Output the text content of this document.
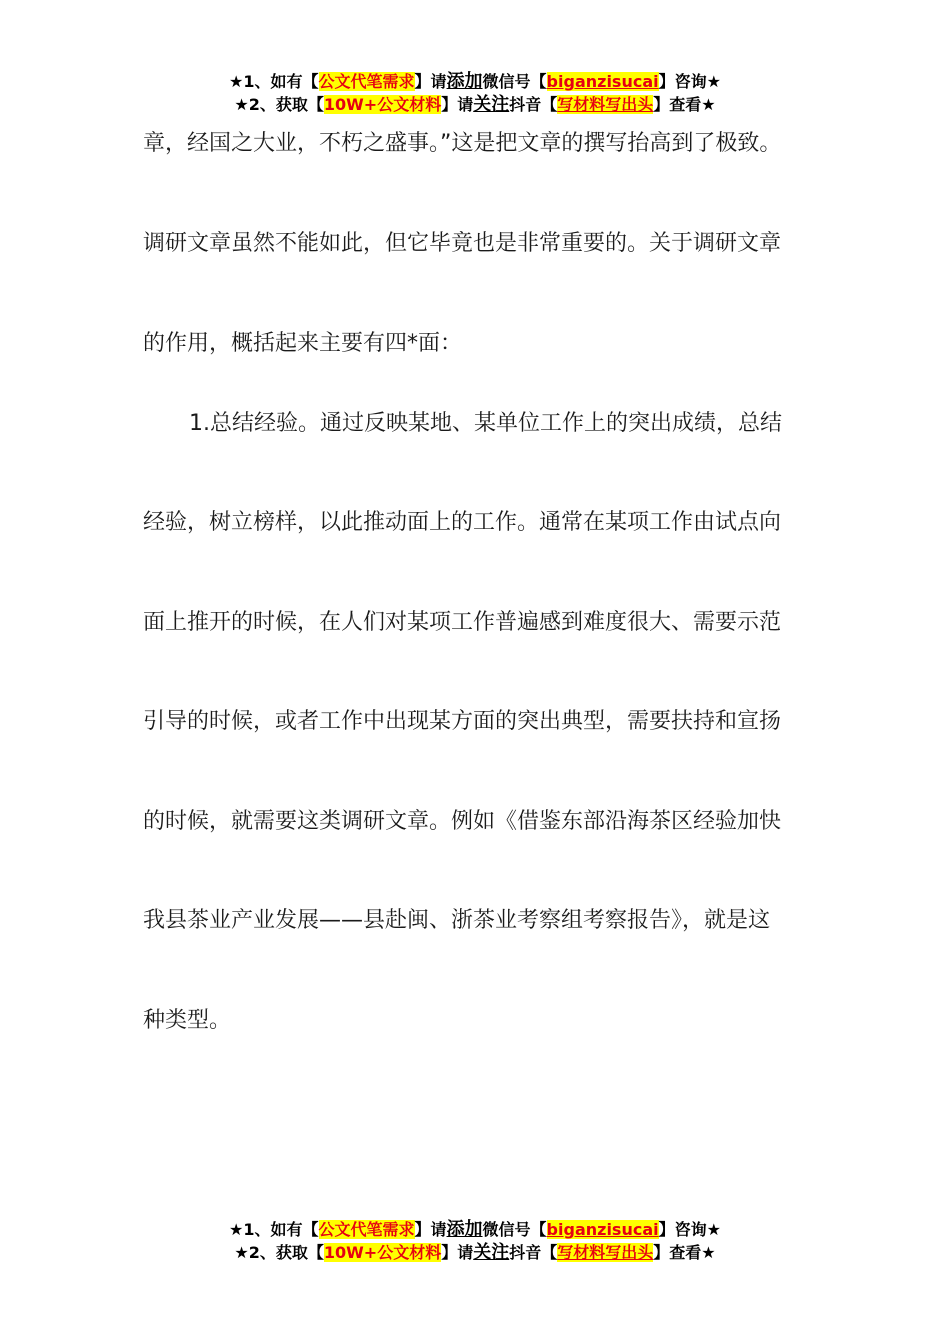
★1、如有【公文代笔需求】请添加微信号【biganzisucai】咨询★
★2、获取【10W+公文材料】请关注抖音【写材料写出头】查看★
章，经国之大业，不朽之盛事。”这是把文章的撰写抬高到了极致。
调研文章虽然不能如此，但它毕竟也是非常重要的。关于调研文章
的作用，概括起来主要有四*面：
1.总结经验。通过反映某地、某单位工作上的突出成绩，总结
经验，树立榜样，以此推动面上的工作。通常在某项工作由试点向
面上推开的时候，在人们对某项工作普遍感到难度很大、需要示范
引导的时候，或者工作中出现某方面的突出典型，需要扶持和宣扬
的时候，就需要这类调研文章。例如《借鉴东部沿海茶区经验加快
我县茶业产业发展——县赴闽、浙茶业考察组考察报告》，就是这
种类型。
★1、如有【公文代笔需求】请添加微信号【biganzisucai】咨询★
★2、获取【10W+公文材料】请关注抖音【写材料写出头】查看★
